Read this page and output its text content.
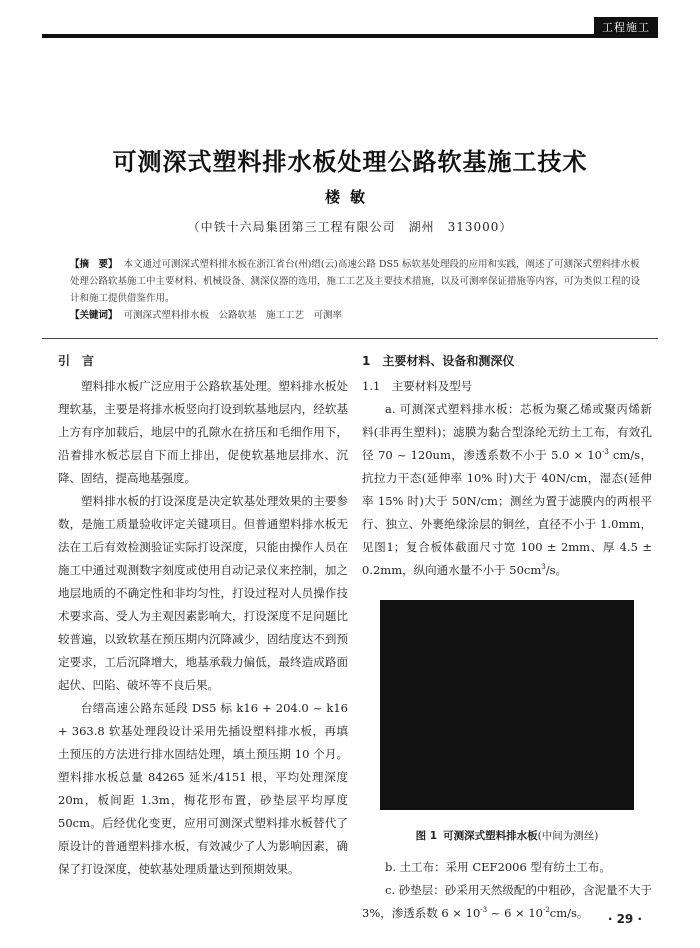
工程施工
可测深式塑料排水板处理公路软基施工技术
楼敏
（中铁十六局集团第三工程有限公司　湖州　313000）

【摘　要】 本文通过可测深式塑料排水板在浙江省台(州)缙(云)高速公路 DS5 标软基处理段的应用和实践，阐述了可测深式塑料排水板处理公路软基施工中主要材料、机械设备、测深仪器的选用，施工工艺及主要技术措施，以及可测率保证措施等内容，可为类似工程的设计和施工提供借鉴作用。

【关键词】 可测深式塑料排水板　公路软基　施工工艺　可测率

引　言

塑料排水板广泛应用于公路软基处理。塑料排水板处理软基，主要是将排水板竖向打设到软基地层内，经软基上方有序加载后，地层中的孔隙水在挤压和毛细作用下，沿着排水板芯层自下而上排出，促使软基地层排水、沉降、固结，提高地基强度。

塑料排水板的打设深度是决定软基处理效果的主要参数，是施工质量验收评定关键项目。但普通塑料排水板无法在工后有效检测验证实际打设深度，只能由操作人员在施工中通过观测数字刻度或使用自动记录仪来控制，加之地层地质的不确定性和非均匀性，打设过程对人员操作技术要求高、受人为主观因素影响大，打设深度不足问题比较普遍，以致软基在预压期内沉降减少，固结度达不到预定要求，工后沉降增大，地基承载力偏低，最终造成路面起伏、凹陷、破坏等不良后果。

台缙高速公路东延段 DS5 标 k16 + 204.0 ~ k16 + 363.8 软基处理段设计采用先插设塑料排水板，再填土预压的方法进行排水固结处理，填土预压期 10 个月。塑料排水板总量 84265 延米/4151 根，平均处理深度 20m，板间距 1.3m，梅花形布置，砂垫层平均厚度 50cm。后经优化变更，应用可测深式塑料排水板替代了原设计的普通塑料排水板，有效减少了人为影响因素，确保了打设深度，使软基处理质量达到预期效果。

1　主要材料、设备和测深仪
1.1　主要材料及型号

a. 可测深式塑料排水板：芯板为聚乙烯或聚丙烯新料(非再生塑料)；滤膜为黏合型涤纶无纺土工布，有效孔径 70 ~ 120um，渗透系数不小于 $5.0 \times 10^{-3}$ cm/s，抗拉力干态(延伸率 10% 时)大于 40N/cm，湿态(延伸率 15% 时)大于 50N/cm；测丝为置于滤膜内的两根平行、独立、外裹绝缘涂层的铜丝，直径不小于 1.0mm，见图1；复合板体截面尺寸宽 100 ± 2mm、厚 4.5 ± 0.2mm，纵向通水量不小于 $50cm^3/s$。

图 1 可测深式塑料排水板(中间为测丝)

b. 土工布：采用 CEF2006 型有纺土工布。

c. 砂垫层：砂采用天然级配的中粗砂，含泥量不大于 3%，渗透系数 $6 \times 10^{-3}$ ~ $6 \times 10^{-2}cm/s$。	· 29 ·
